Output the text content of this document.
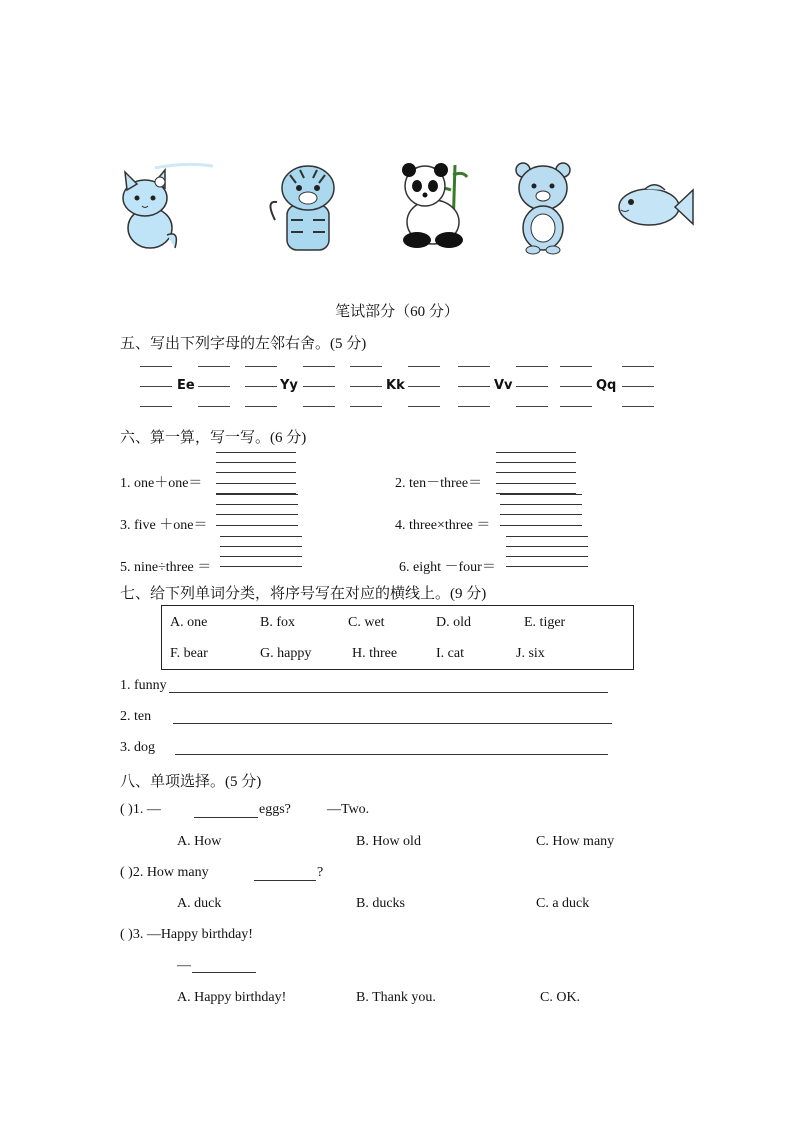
笔试部分（60 分）
五、写出下列字母的左邻右舍。(5 分)
Ee	Yy	Kk	Vv	Qq
六、算一算，写一写。(6 分)
1. one＋one＝	2. ten－three＝
3. five ＋one＝	4. three×three ＝
5. nine÷three ＝	6. eight －four＝
七、给下列单词分类，将序号写在对应的横线上。(9 分)
A. one	B. fox	C. wet	D. old	E. tiger
F. bear	G. happy	H. three	I. cat	J. six
1. funny
2. ten
3. dog
八、单项选择。(5 分)
( )1. —	eggs?	—Two.
A. How	B. How old	C. How many
( )2. How many	?
A. duck	B. ducks	C. a duck
( )3. —Happy birthday!
—
A. Happy birthday!	B. Thank you.	C. OK.
